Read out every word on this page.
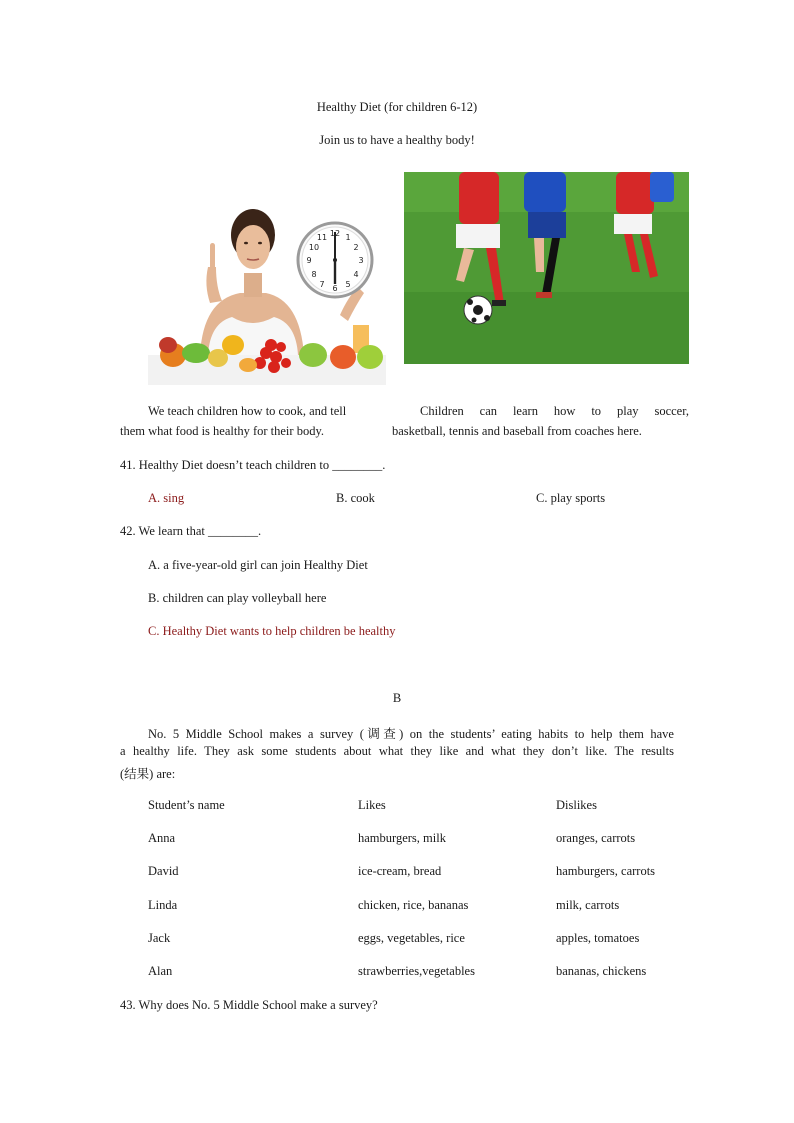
Healthy Diet (for children 6-12)
Join us to have a healthy body!
12
6
9	3
11 1
2
4
5
7
8
10
We teach children how to cook, and tell
them what food is healthy for their body.
Children can learn how to play soccer,
basketball, tennis and baseball from coaches here.
41. Healthy Diet doesn’t teach children to ________.
A. sing	B. cook	C. play sports
42. We learn that ________.
A. a five-year-old girl can join Healthy Diet
B. children can play volleyball here
C. Healthy Diet wants to help children be healthy
B
No. 5 Middle School makes a survey (调查) on the students’ eating habits to help them have
a healthy life. They ask some students about what they like and what they don’t like. The results
(结果) are:
Student’s name	Likes	Dislikes
Anna	hamburgers, milk	oranges, carrots
David	ice-cream, bread	hamburgers, carrots
Linda	chicken, rice, bananas	milk, carrots
Jack	eggs, vegetables, rice	apples, tomatoes
Alan	strawberries,vegetables	bananas, chickens
43. Why does No. 5 Middle School make a survey?
